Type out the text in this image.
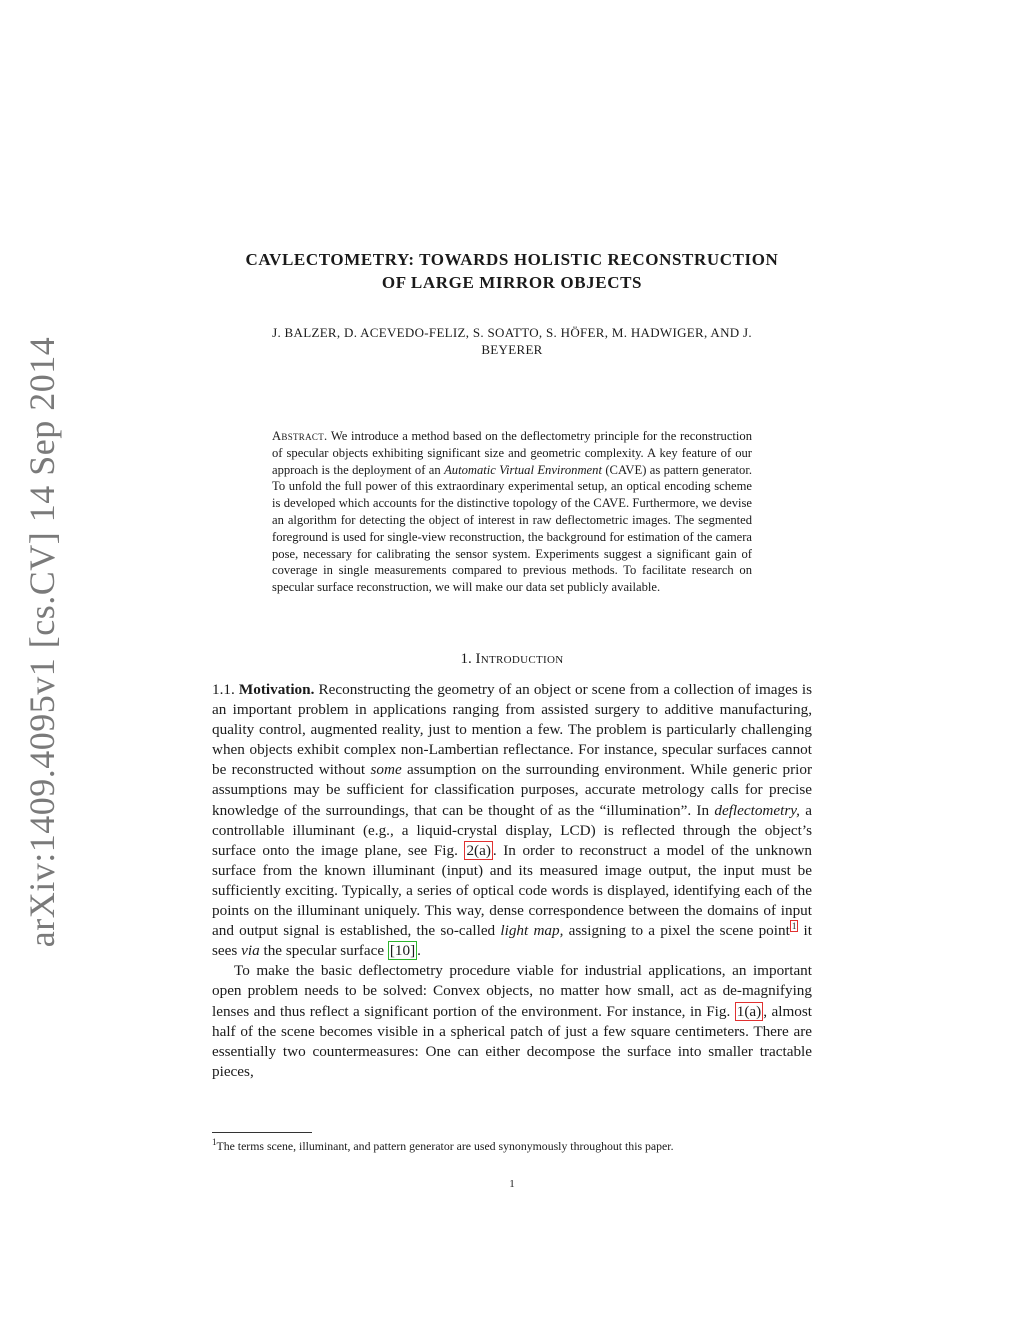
arXiv:1409.4095v1 [cs.CV] 14 Sep 2014
CAVLECTOMETRY: TOWARDS HOLISTIC RECONSTRUCTION
OF LARGE MIRROR OBJECTS
J. BALZER, D. ACEVEDO-FELIZ, S. SOATTO, S. HÖFER, M. HADWIGER, AND J.
BEYERER
Abstract. We introduce a method based on the deflectometry principle for the reconstruction of specular objects exhibiting significant size and geometric complexity. A key feature of our approach is the deployment of an Automatic Virtual Environment (CAVE) as pattern generator. To unfold the full power of this extraordinary experimental setup, an optical encoding scheme is developed which accounts for the distinctive topology of the CAVE. Furthermore, we devise an algorithm for detecting the object of interest in raw deflectometric images. The segmented foreground is used for single-view reconstruction, the background for estimation of the camera pose, necessary for calibrating the sensor system. Experiments suggest a significant gain of coverage in single measurements compared to previous methods. To facilitate research on specular surface reconstruction, we will make our data set publicly available.
1. Introduction

1.1. Motivation. Reconstructing the geometry of an object or scene from a collection of images is an important problem in applications ranging from assisted surgery to additive manufacturing, quality control, augmented reality, just to mention a few. The problem is particularly challenging when objects exhibit complex non-Lambertian reflectance. For instance, specular surfaces cannot be reconstructed without some assumption on the surrounding environment. While generic prior assumptions may be sufficient for classification purposes, accurate metrology calls for precise knowledge of the surroundings, that can be thought of as the “illumination”. In deflectometry, a controllable illuminant (e.g., a liquid-crystal display, LCD) is reflected through the object’s surface onto the image plane, see Fig. 2(a) . In order to reconstruct a model of the unknown surface from the known illuminant (input) and its measured image output, the input must be sufficiently exciting. Typically, a series of optical code words is displayed, identifying each of the points on the illuminant uniquely. This way, dense correspondence between the domains of input and output signal is established, the so-called light map, assigning to a pixel the scene point $^1$ it sees via the specular surface [10] .

To make the basic deflectometry procedure viable for industrial applications, an important open problem needs to be solved: Convex objects, no matter how small, act as de-magnifying lenses and thus reflect a significant portion of the environment. For instance, in Fig. 1(a) , almost half of the scene becomes visible in a spherical patch of just a few square centimeters. There are essentially two countermeasures: One can either decompose the surface into smaller tractable pieces,

$^1$The terms scene, illuminant, and pattern generator are used synonymously throughout this paper.
1
